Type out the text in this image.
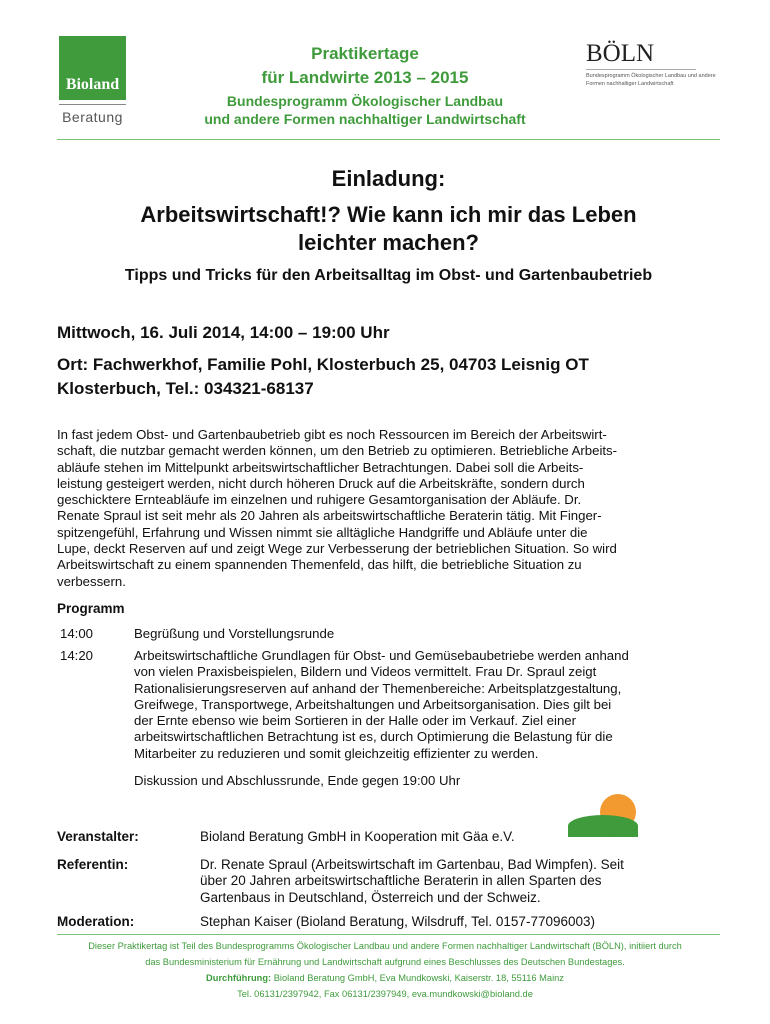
Bioland
Beratung
Praktikertage
für Landwirte 2013 – 2015
Bundesprogramm Ökologischer Landbau
und andere Formen nachhaltiger Landwirtschaft
BÖLN
Bundesprogramm Ökologischer Landbau und andere Formen nachhaltiger Landwirtschaft
Einladung:
Arbeitswirtschaft!? Wie kann ich mir das Leben
leichter machen?
Tipps und Tricks für den Arbeitsalltag im Obst- und Gartenbaubetrieb
Mittwoch, 16. Juli 2014, 14:00 – 19:00 Uhr
Ort: Fachwerkhof, Familie Pohl, Klosterbuch 25, 04703 Leisnig OT
Klosterbuch, Tel.: 034321-68137
In fast jedem Obst- und Gartenbaubetrieb gibt es noch Ressourcen im Bereich der Arbeitswirt-
schaft, die nutzbar gemacht werden können, um den Betrieb zu optimieren. Betriebliche Arbeits-
abläufe stehen im Mittelpunkt arbeitswirtschaftlicher Betrachtungen. Dabei soll die Arbeits-
leistung gesteigert werden, nicht durch höheren Druck auf die Arbeitskräfte, sondern durch
geschicktere Ernteabläufe im einzelnen und ruhigere Gesamtorganisation der Abläufe. Dr.
Renate Spraul ist seit mehr als 20 Jahren als arbeitswirtschaftliche Beraterin tätig. Mit Finger-
spitzengefühl, Erfahrung und Wissen nimmt sie alltägliche Handgriffe und Abläufe unter die
Lupe, deckt Reserven auf und zeigt Wege zur Verbesserung der betrieblichen Situation. So wird
Arbeitswirtschaft zu einem spannenden Themenfeld, das hilft, die betriebliche Situation zu
verbessern.
Programm
14:00	Begrüßung und Vorstellungsrunde
14:20	Arbeitswirtschaftliche Grundlagen für Obst- und Gemüsebaubetriebe werden anhand
von vielen Praxisbeispielen, Bildern und Videos vermittelt. Frau Dr. Spraul zeigt
Rationalisierungsreserven auf anhand der Themenbereiche: Arbeitsplatzgestaltung,
Greifwege, Transportwege, Arbeitshaltungen und Arbeitsorganisation. Dies gilt bei
der Ernte ebenso wie beim Sortieren in der Halle oder im Verkauf. Ziel einer
arbeitswirtschaftlichen Betrachtung ist es, durch Optimierung die Belastung für die
Mitarbeiter zu reduzieren und somit gleichzeitig effizienter zu werden.
Diskussion und Abschlussrunde, Ende gegen 19:00 Uhr
Gäa e.V.
Veranstalter:	Bioland Beratung GmbH in Kooperation mit Gäa e.V.
Referentin:	Dr. Renate Spraul (Arbeitswirtschaft im Gartenbau, Bad Wimpfen). Seit
über 20 Jahren arbeitswirtschaftliche Beraterin in allen Sparten des
Gartenbaus in Deutschland, Österreich und der Schweiz.
Moderation:	Stephan Kaiser (Bioland Beratung, Wilsdruff, Tel. 0157-77096003)
Dieser Praktikertag ist Teil des Bundesprogramms Ökologischer Landbau und andere Formen nachhaltiger Landwirtschaft (BÖLN), initiiert durch
das Bundesministerium für Ernährung und Landwirtschaft aufgrund eines Beschlusses des Deutschen Bundestages.
Durchführung: Bioland Beratung GmbH, Eva Mundkowski, Kaiserstr. 18, 55116 Mainz
Tel. 06131/2397942, Fax 06131/2397949, eva.mundkowski@bioland.de
